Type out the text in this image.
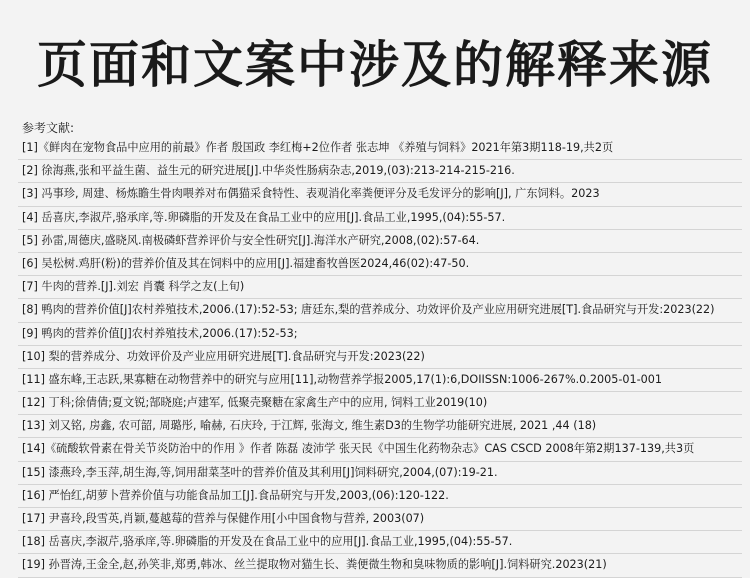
页面和文案中涉及的解释来源
参考文献:
[1]《鲜肉在宠物食品中应用的前最》作者 殷国政 李红梅+2位作者 张志坤 《养殖与饲料》2021年第3期118-19,共2页
[2] 徐海燕,张和平益生菌、益生元的研究进展[J].中华炎性肠病杂志,2019,(03):213-214-215-216.
[3] 冯事珍, 周建、杨炼瞻生骨肉喂养对布偶猫采食特性、表观消化率粪便评分及毛发评分的影响[J], 广东饲料。2023
[4] 岳喜庆,李淑芹,骆承庠,等.卵磷脂的开发及在食品工业中的应用[J].食品工业,1995,(04):55-57.
[5] 孙雷,周德庆,盛晓风.南极磷虾营养评价与安全性研究[J].海洋水产研究,2008,(02):57-64.
[6] 吴松树.鸡肝(粉)的营养价值及其在饲料中的应用[J].福建畜牧兽医2024,46(02):47-50.
[7] 牛肉的营养.[J].刘宏 肖囊 科学之友(上旬)
[8] 鸭肉的营养价值[J]农村养殖技术,2006.(17):52-53; 唐廷东,梨的营养成分、功效评价及产业应用研究进展[T].食品研究与开发:2023(22)
[9] 鸭肉的营养价值[J]农村养殖技术,2006.(17):52-53;
[10] 梨的营养成分、功效评价及产业应用研究进展[T].食品研究与开发:2023(22)
[11] 盛东峰,王志跃,果寡糖在动物营养中的研究与应用[11],动物营养学报2005,17(1):6,DOIISSN:1006-267%.0.2005-01-001
[12] 丁科;徐倩倩;夏文锐;郜晓庭;卢建军, 低聚壳聚糖在家禽生产中的应用, 饲料工业2019(10)
[13] 刘又铭, 房鑫, 农可韶, 周璐彤, 喻赫, 石庆玲, 于江辉, 张海文, 维生素D3的生物学功能研究进展, 2021 ,44 (18)
[14]《硫酸软骨素在骨关节炎防治中的作用 》作者 陈磊 凌沛学 张天民《中国生化药物杂志》CAS CSCD 2008年第2期137-139,共3页
[15] 漆燕玲,李玉萍,胡生海,等,饲用甜菜茎叶的营养价值及其利用[J]饲料研究,2004,(07):19-21.
[16] 严怡红,胡萝卜营养价值与功能食品加工[J].食品研究与开发,2003,(06):120-122.
[17] 尹喜玲,段雪英,肖颖,蔓越莓的营养与保健作用[小中国食物与营养, 2003(07)
[18] 岳喜庆,李淑芹,骆承庠,等.卵磷脂的开发及在食品工业中的应用[J].食品工业,1995,(04):55-57.
[19] 孙晋涛,王金全,赵,孙笑非,郑勇,韩冰、丝兰提取物对猫生长、粪便微生物和臭味物质的影响[J].饲料研究.2023(21)
